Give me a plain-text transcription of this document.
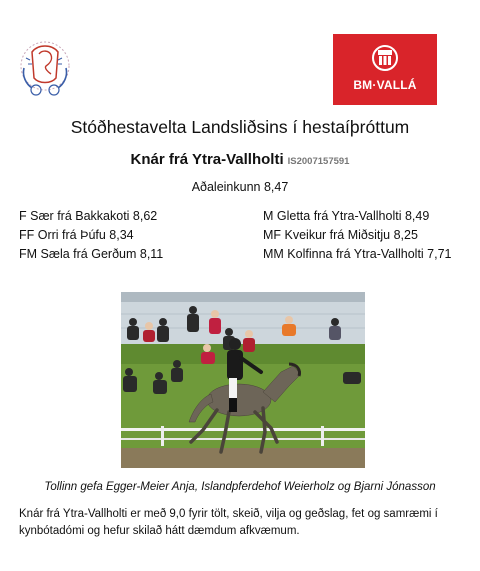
BM·VALLÁ
Stóðhestavelta Landsliðsins í hestaíþróttum
Knár frá Ytra-Vallholti IS2007157591
Aðaleinkunn 8,47
F Sær frá Bakkakoti 8,62	M Gletta frá Ytra-Vallholti 8,49
FF Orri frá Þúfu 8,34	MF Kveikur frá Miðsitju 8,25
FM Sæla frá Gerðum 8,11	MM Kolfinna frá Ytra-Vallholti 7,71
Tollinn gefa Egger-Meier Anja, Islandpferdehof Weierholz og Bjarni Jónasson
Knár frá Ytra-Vallholti er með 9,0 fyrir tölt, skeið, vilja og geðslag, fet og samræmi í kynbótadómi og hefur skilað hátt dæmdum afkvæmum.
